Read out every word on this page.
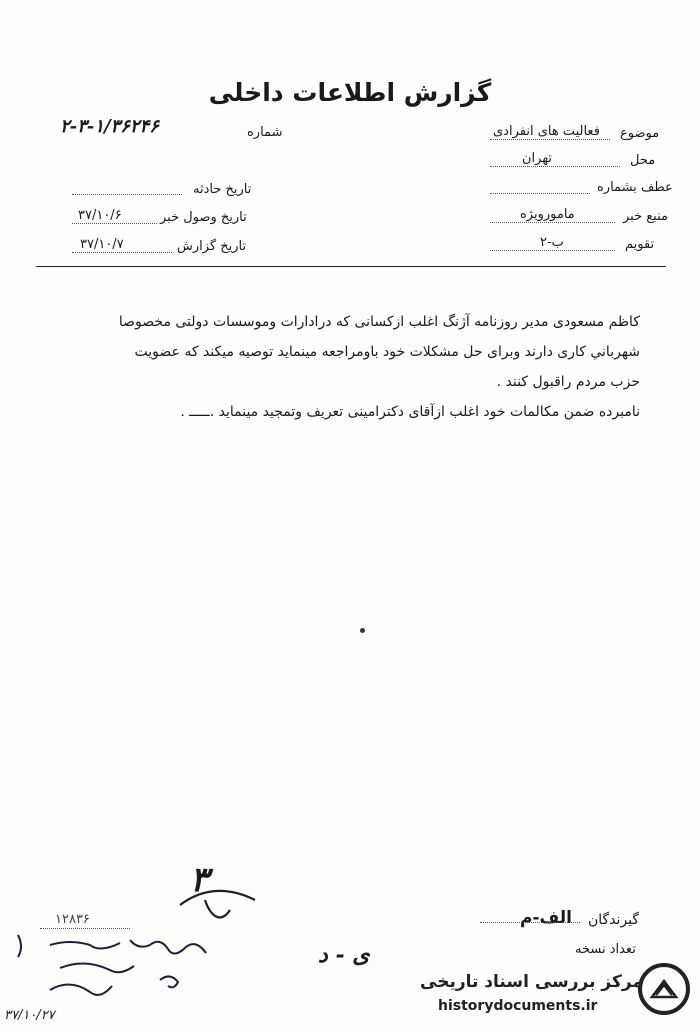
گزارش اطلاعات داخلی
شماره
۲-۳-۱/۳۶۲۴۶
تاریخ حادثه
تاریخ وصول خبر
۳۷/۱۰/۶
تاریخ گزارش
۳۷/۱۰/۷
موضوع
فعالیت های انفرادی
محل
تهران
عطف بشماره
منبع خبر
مامورویژه
تقویم
ب-۲
کاظم مسعودی مدیر روزنامه آژنگ اغلب ازکسانی که درادارات وموسسات دولتی مخصوصا
شهرباني كاری دارند وبرای حل مشكلات خود باومراجعه مينمايد توصيه ميكند كه عضويت
حزب مردم راقبول كنند .
نامبرده ضمن مكالمات خود اغلب ازآقای دكترامينی تعريف وتمجيد مينمايد .ـــــ .
۳
گیرندگان
الف-م
تعداد نسخه
۱۲۸۳۶
ی - د
۳۷/۱۰/۲۷
مرکز بررسی اسناد تاریخی
historydocuments.ir
